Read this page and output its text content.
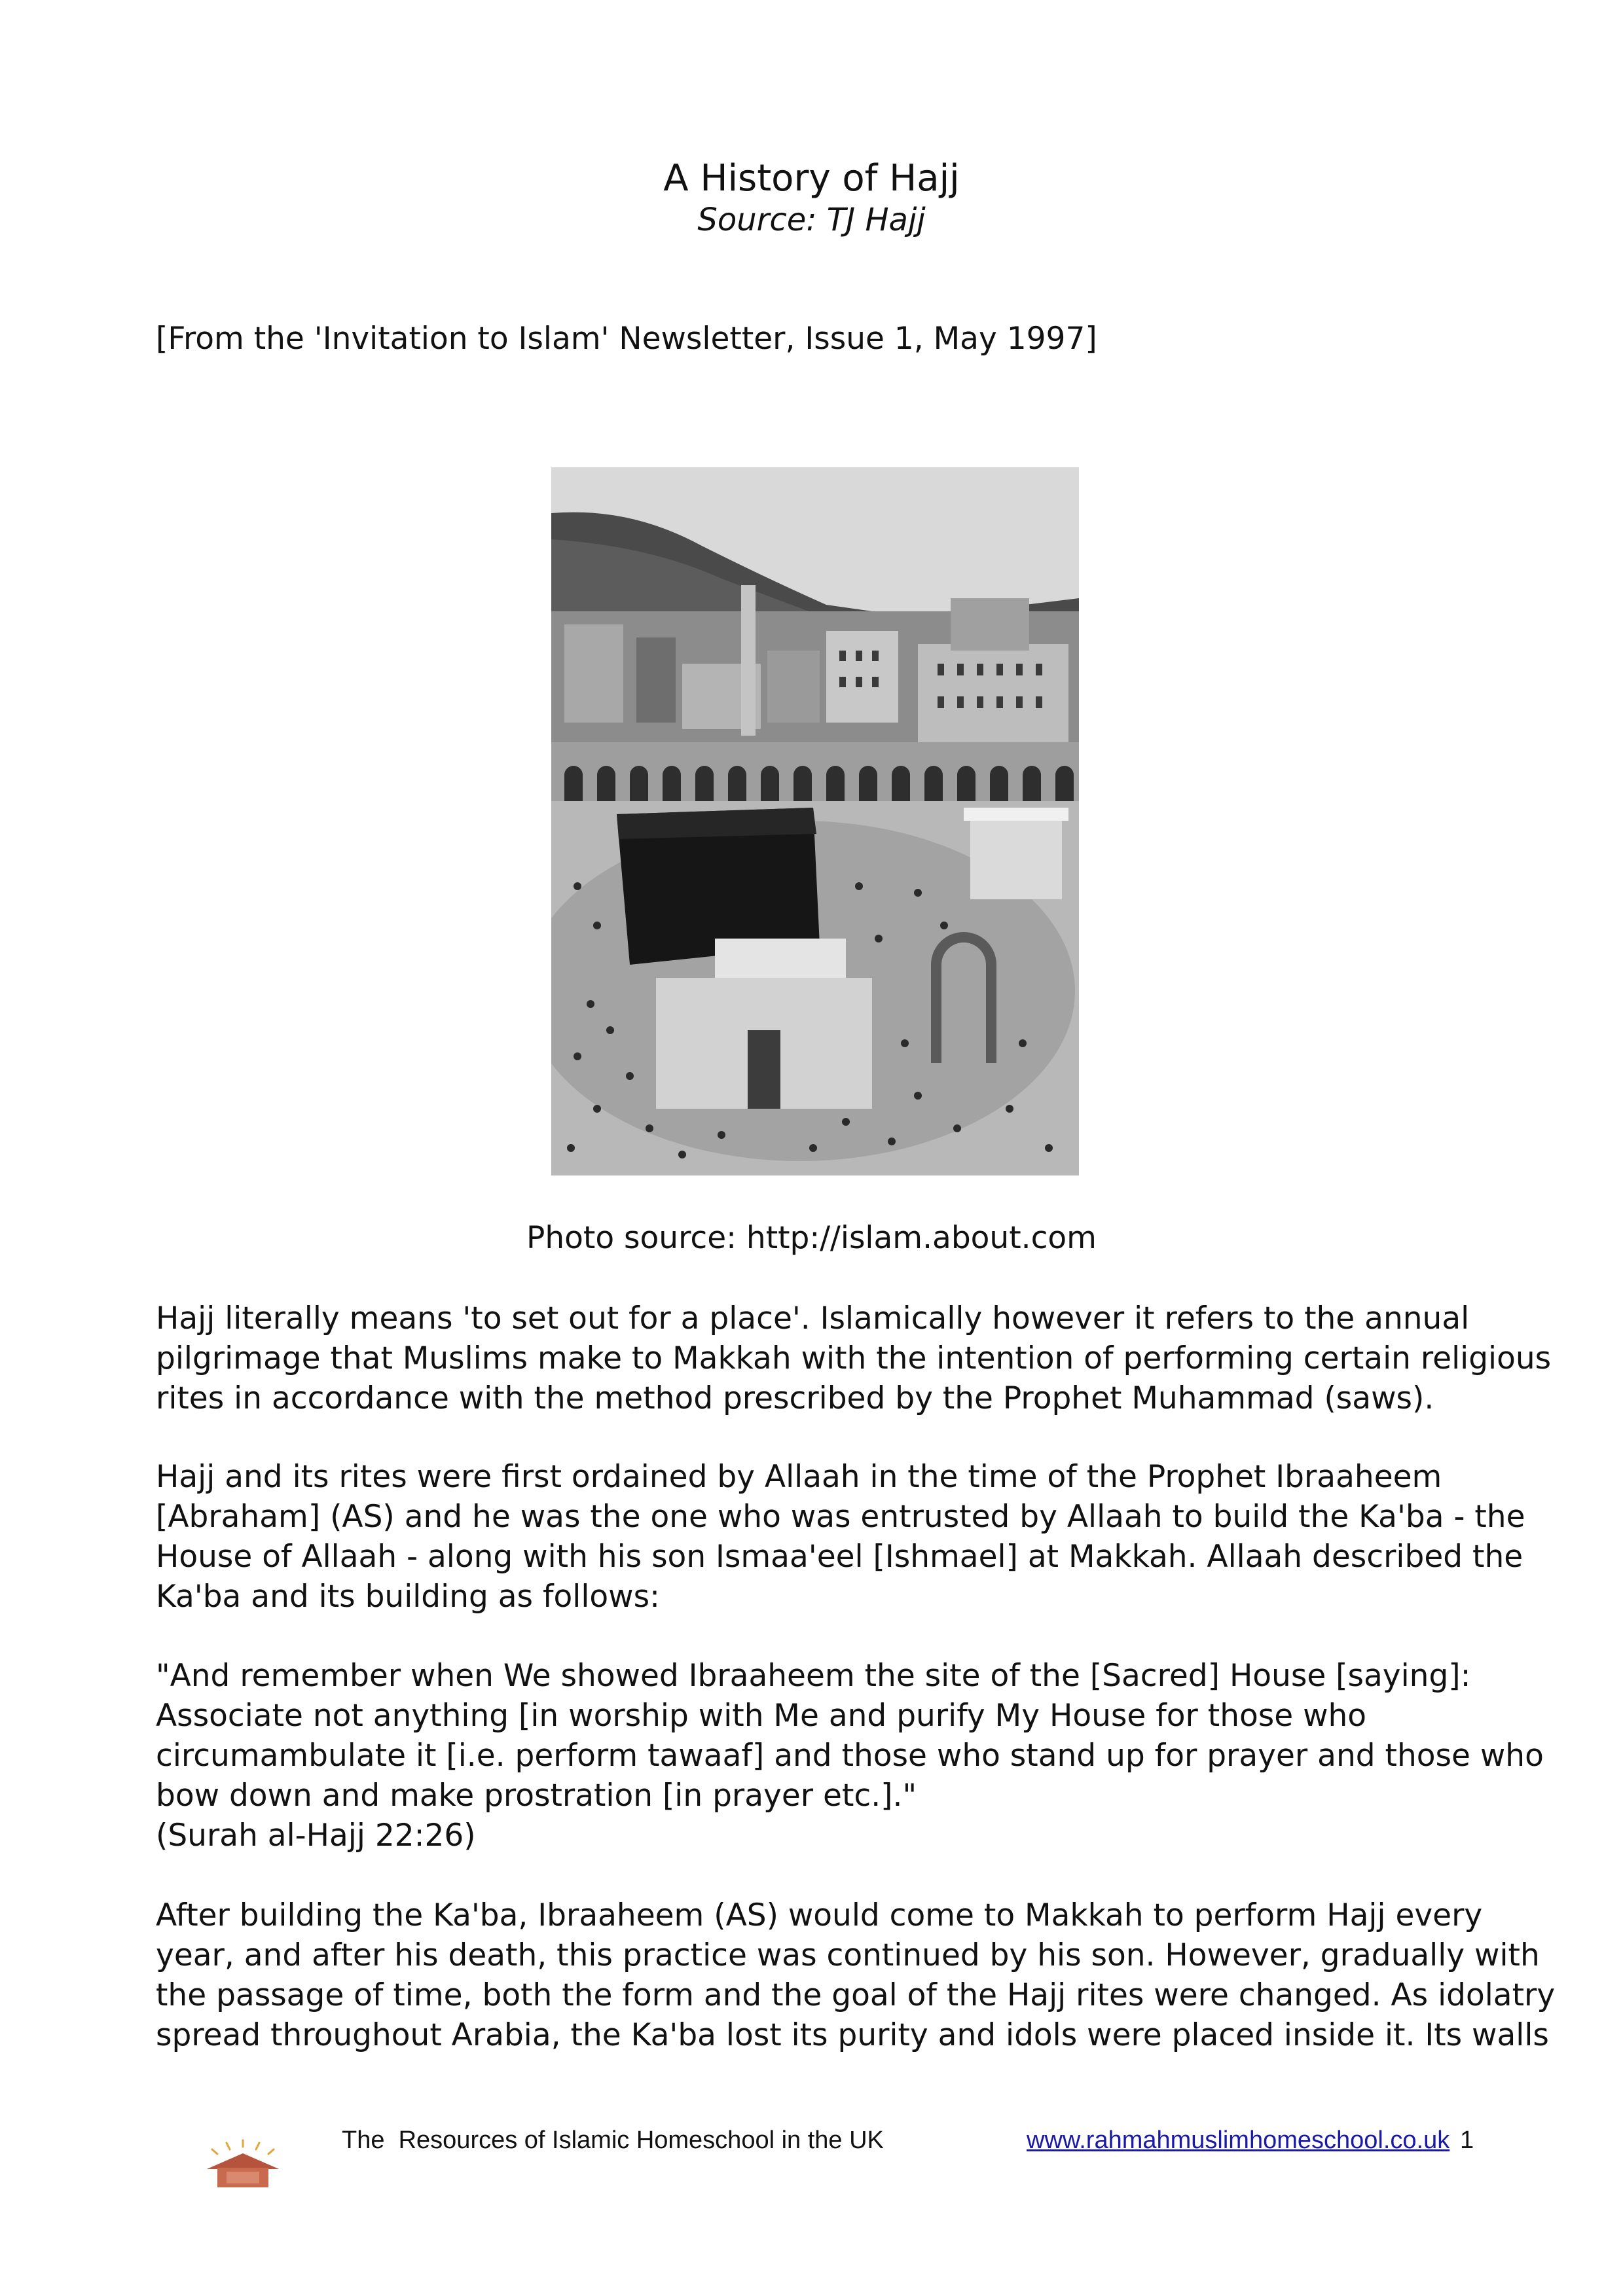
A History of Hajj
Source: TJ Hajj
[From the 'Invitation to Islam' Newsletter, Issue 1, May 1997]
Photo source: http://islam.about.com

Hajj literally means 'to set out for a place'. Islamically however it refers to the annual

pilgrimage that Muslims make to Makkah with the intention of performing certain religious

rites in accordance with the method prescribed by the Prophet Muhammad (saws).

Hajj and its rites were first ordained by Allaah in the time of the Prophet Ibraaheem

[Abraham] (AS) and he was the one who was entrusted by Allaah to build the Ka'ba - the

House of Allaah - along with his son Ismaa'eel [Ishmael] at Makkah. Allaah described the

Ka'ba and its building as follows:

"And remember when We showed Ibraaheem the site of the [Sacred] House [saying]:

Associate not anything [in worship with Me and purify My House for those who

circumambulate it [i.e. perform tawaaf] and those who stand up for prayer and those who

bow down and make prostration [in prayer etc.]."

(Surah al-Hajj 22:26)

After building the Ka'ba, Ibraaheem (AS) would come to Makkah to perform Hajj every

year, and after his death, this practice was continued by his son. However, gradually with

the passage of time, both the form and the goal of the Hajj rites were changed. As idolatry

spread throughout Arabia, the Ka'ba lost its purity and idols were placed inside it. Its walls

The  Resources of Islamic Homeschool in the UK	www.rahmahmuslimhomeschool.co.uk 1
